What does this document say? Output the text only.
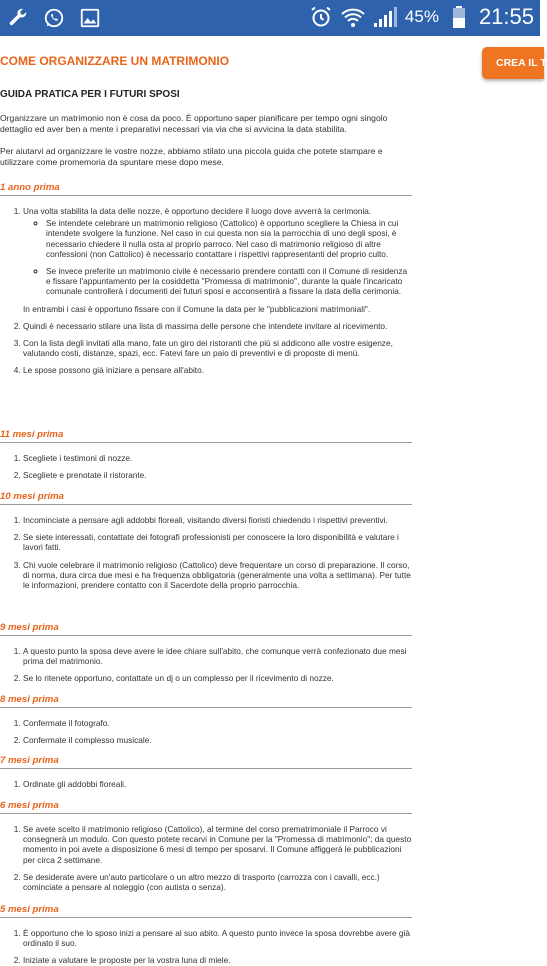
45% 21:55
COME ORGANIZZARE UN MATRIMONIO	CREA IL T
GUIDA PRATICA PER I FUTURI SPOSI

Organizzare un matrimonio non è cosa da poco. È opportuno saper pianificare per tempo ogni singolo dettaglio ed aver ben a mente i preparativi necessari via via che si avvicina la data stabilita.

Per aiutarvi ad organizzare le vostre nozze, abbiamo stilato una piccola guida che potete stampare e utilizzare come promemoria da spuntare mese dopo mese.

1 anno prima
1. Una volta stabilita la data delle nozze, è opportuno decidere il luogo dove avverrà la cerimonia.
◦ Se intendete celebrare un matrimonio religioso (Cattolico) è opportuno scegliere la Chiesa in cui intendete svolgere la funzione. Nel caso in cui questa non sia la parrocchia di uno degli sposi, è necessario chiedere il nulla osta al proprio parroco. Nel caso di matrimonio religioso di altre confessioni (non Cattolico) è necessario contattare i rispettivi rappresentanti del proprio culto.
◦ Se invece preferite un matrimonio civile è necessario prendere contatti con il Comune di residenza e fissare l'appuntamento per la cosiddetta "Promessa di matrimonio", durante la quale l'incaricato comunale controllerà i documenti dei futuri sposi e acconsentirà a fissare la data della cerimonia.

In entrambi i casi è opportuno fissare con il Comune la data per le "pubblicazioni matrimoniali".

2. Quindi è necessario stilare una lista di massima delle persone che intendete invitare al ricevimento.
3. Con la lista degli invitati alla mano, fate un giro dei ristoranti che più si addicono alle vostre esigenze, valutando costi, distanze, spazi, ecc. Fatevi fare un paio di preventivi e di proposte di menù.
4. Le spose possono già iniziare a pensare all'abito.
11 mesi prima
1. Scegliete i testimoni di nozze.
2. Scegliete e prenotate il ristorante.
10 mesi prima
1. Incominciate a pensare agli addobbi floreali, visitando diversi fioristi chiedendo i rispettivi preventivi.
2. Se siete interessati, contattate dei fotografi professionisti per conoscere la loro disponibilità e valutare i lavori fatti.
3. Chi vuole celebrare il matrimonio religioso (Cattolico) deve frequentare un corso di preparazione. Il corso, di norma, dura circa due mesi e ha frequenza obbligatoria (generalmente una volta a settimana). Per tutte le informazioni, prendere contatto con il Sacerdote della proprio parrocchia.
9 mesi prima
1. A questo punto la sposa deve avere le idee chiare sull'abito, che comunque verrà confezionato due mesi prima del matrimonio.
2. Se lo ritenete opportuno, contattate un dj o un complesso per il ricevimento di nozze.
8 mesi prima
1. Confermate il fotografo.
2. Confermate il complesso musicale.
7 mesi prima
1. Ordinate gli addobbi floreali.
6 mesi prima
1. Se avete scelto il matrimonio religioso (Cattolico), al termine del corso prematrimoniale il Parroco vi consegnerà un modulo. Con questo potete recarvi in Comune per la "Promessa di matrimonio"; da questo momento in poi avete a disposizione 6 mesi di tempo per sposarvi. Il Comune affiggerà le pubblicazioni per circa 2 settimane.
2. Se desiderate avere un'auto particolare o un altro mezzo di trasporto (carrozza con i cavalli, ecc.) cominciate a pensare al noleggio (con autista o senza).
5 mesi prima
1. È opportuno che lo sposo inizi a pensare al suo abito. A questo punto invece la sposa dovrebbe avere già ordinato il suo.
2. Iniziate a valutare le proposte per la vostra luna di miele.
